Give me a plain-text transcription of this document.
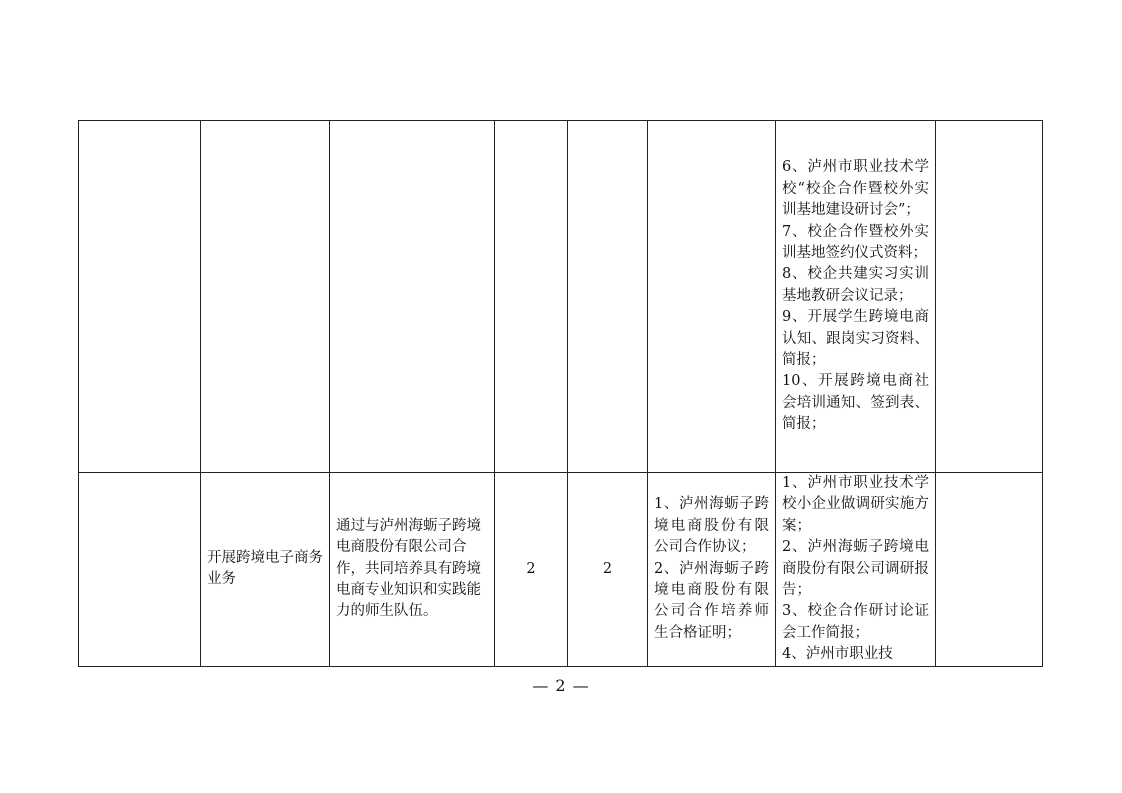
						6、泸州市职业技术学校“校企合作暨校外实训基地建设研讨会”；
7、校企合作暨校外实训基地签约仪式资料；
8、校企共建实习实训基地教研会议记录；
9、开展学生跨境电商认知、跟岗实习资料、简报；
10、开展跨境电商社会培训通知、签到表、简报；	

	开展跨境电子商务业务	通过与泸州海蛎子跨境电商股份有限公司合作，共同培养具有跨境电商专业知识和实践能力的师生队伍。	2	2	1、泸州海蛎子跨境电商股份有限公司合作协议；
2、泸州海蛎子跨境电商股份有限公司合作培养师生合格证明；	1、泸州市职业技术学校小企业做调研实施方案；
2、泸州海蛎子跨境电商股份有限公司调研报告；
3、校企合作研讨论证会工作简报；
4、泸州市职业技	

— 2 —
